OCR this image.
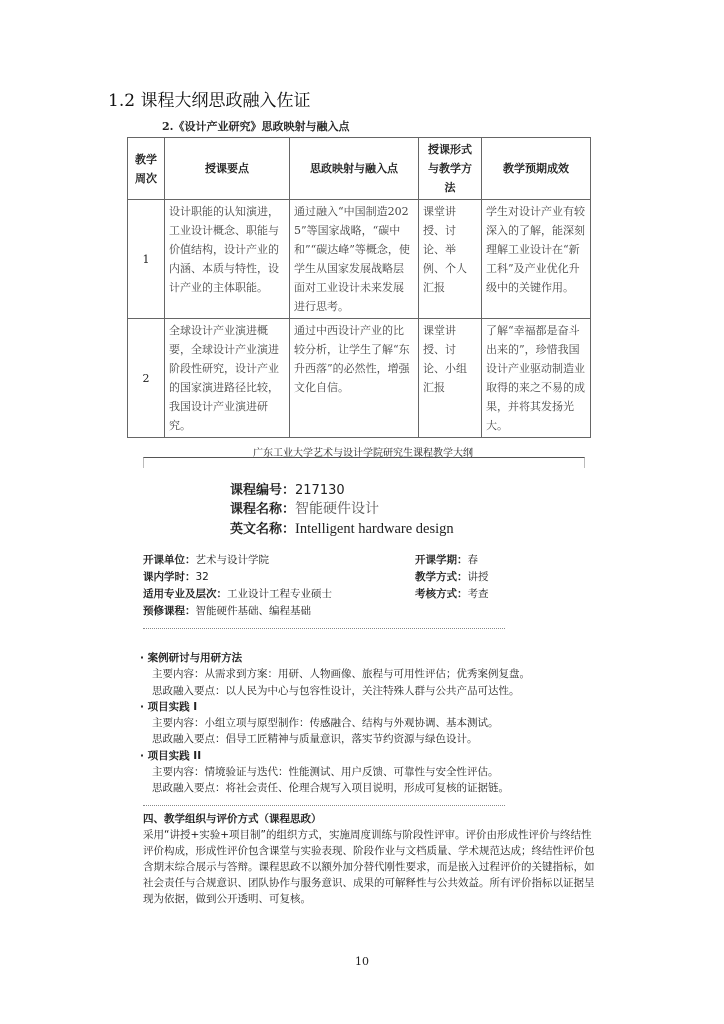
1.2 课程大纲思政融入佐证
2.《设计产业研究》思政映射与融入点
教学周次	授课要点	思政映射与融入点	授课形式与教学方法	教学预期成效
1	设计职能的认知演进，工业设计概念、职能与价值结构，设计产业的内涵、本质与特性，设计产业的主体职能。	通过融入“中国制造2025”等国家战略，“碳中和”“碳达峰”等概念，使学生从国家发展战略层面对工业设计未来发展进行思考。	课堂讲授、讨论、举例、个人汇报	学生对设计产业有较深入的了解，能深刻理解工业设计在“新工科”及产业优化升级中的关键作用。
2	全球设计产业演进概要，全球设计产业演进阶段性研究，设计产业的国家演进路径比较，我国设计产业演进研究。	通过中西设计产业的比较分析，让学生了解“东升西落”的必然性，增强文化自信。	课堂讲授、讨论、小组汇报	了解“幸福都是奋斗出来的”，珍惜我国设计产业驱动制造业取得的来之不易的成果，并将其发扬光大。
广东工业大学艺术与设计学院研究生课程教学大纲
课程编号：217130
课程名称：智能硬件设计
英文名称：Intelligent hardware design
开课单位：艺术与设计学院	开课学期：春
课内学时：32	教学方式：讲授
适用专业及层次：工业设计工程专业硕士	考核方式：考查
预修课程：智能硬件基础、编程基础
· 案例研讨与用研方法
主要内容：从需求到方案：用研、人物画像、旅程与可用性评估；优秀案例复盘。
思政融入要点：以人民为中心与包容性设计，关注特殊人群与公共产品可达性。
· 项目实践 I
主要内容：小组立项与原型制作：传感融合、结构与外观协调、基本测试。
思政融入要点：倡导工匠精神与质量意识，落实节约资源与绿色设计。
· 项目实践 II
主要内容：情境验证与迭代：性能测试、用户反馈、可靠性与安全性评估。
思政融入要点：将社会责任、伦理合规写入项目说明，形成可复核的证据链。
四、教学组织与评价方式（课程思政）
采用“讲授+实验+项目制”的组织方式，实施周度训练与阶段性评审。评价由形成性评价与终结性评价构成，形成性评价包含课堂与实验表现、阶段作业与文档质量、学术规范达成；终结性评价包含期末综合展示与答辩。课程思政不以额外加分替代刚性要求，而是嵌入过程评价的关键指标，如社会责任与合规意识、团队协作与服务意识、成果的可解释性与公共效益。所有评价指标以证据呈现为依据，做到公开透明、可复核。
10
